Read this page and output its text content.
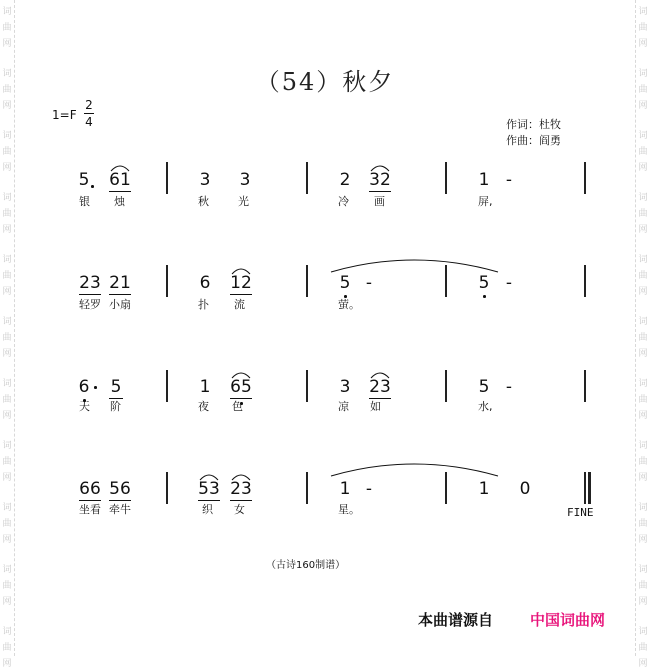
词
曲
网
词
曲
网
词
曲
网
词
曲
网
词
曲
网
词
曲
网
词
曲
网
词
曲
网
词
曲
网
词
曲
网
词
曲
网
词
曲
网
词
曲
网
词
曲
网
词
曲
网
词
曲
网
词
曲
网
词
曲
网
词
曲
网
词
曲
网
词
曲
网
词
曲
网
（54）秋夕
1=F
2
4	作词：杜牧
作曲：阎勇
5 61	3 3	2 32	1 -
银 烛	秋	光	冷 画	屏,
23 21	6 12	5 -	5 -
轻罗 小扇	扑 流	萤。
6 5	1 65	3 23	5 -
天 阶	夜 色	凉 如	水,
66 56	53 23	1 -	1 0
坐看 牵牛	织 女	星。	FINE
（古诗160制谱）
本曲谱源自 中国词曲网
